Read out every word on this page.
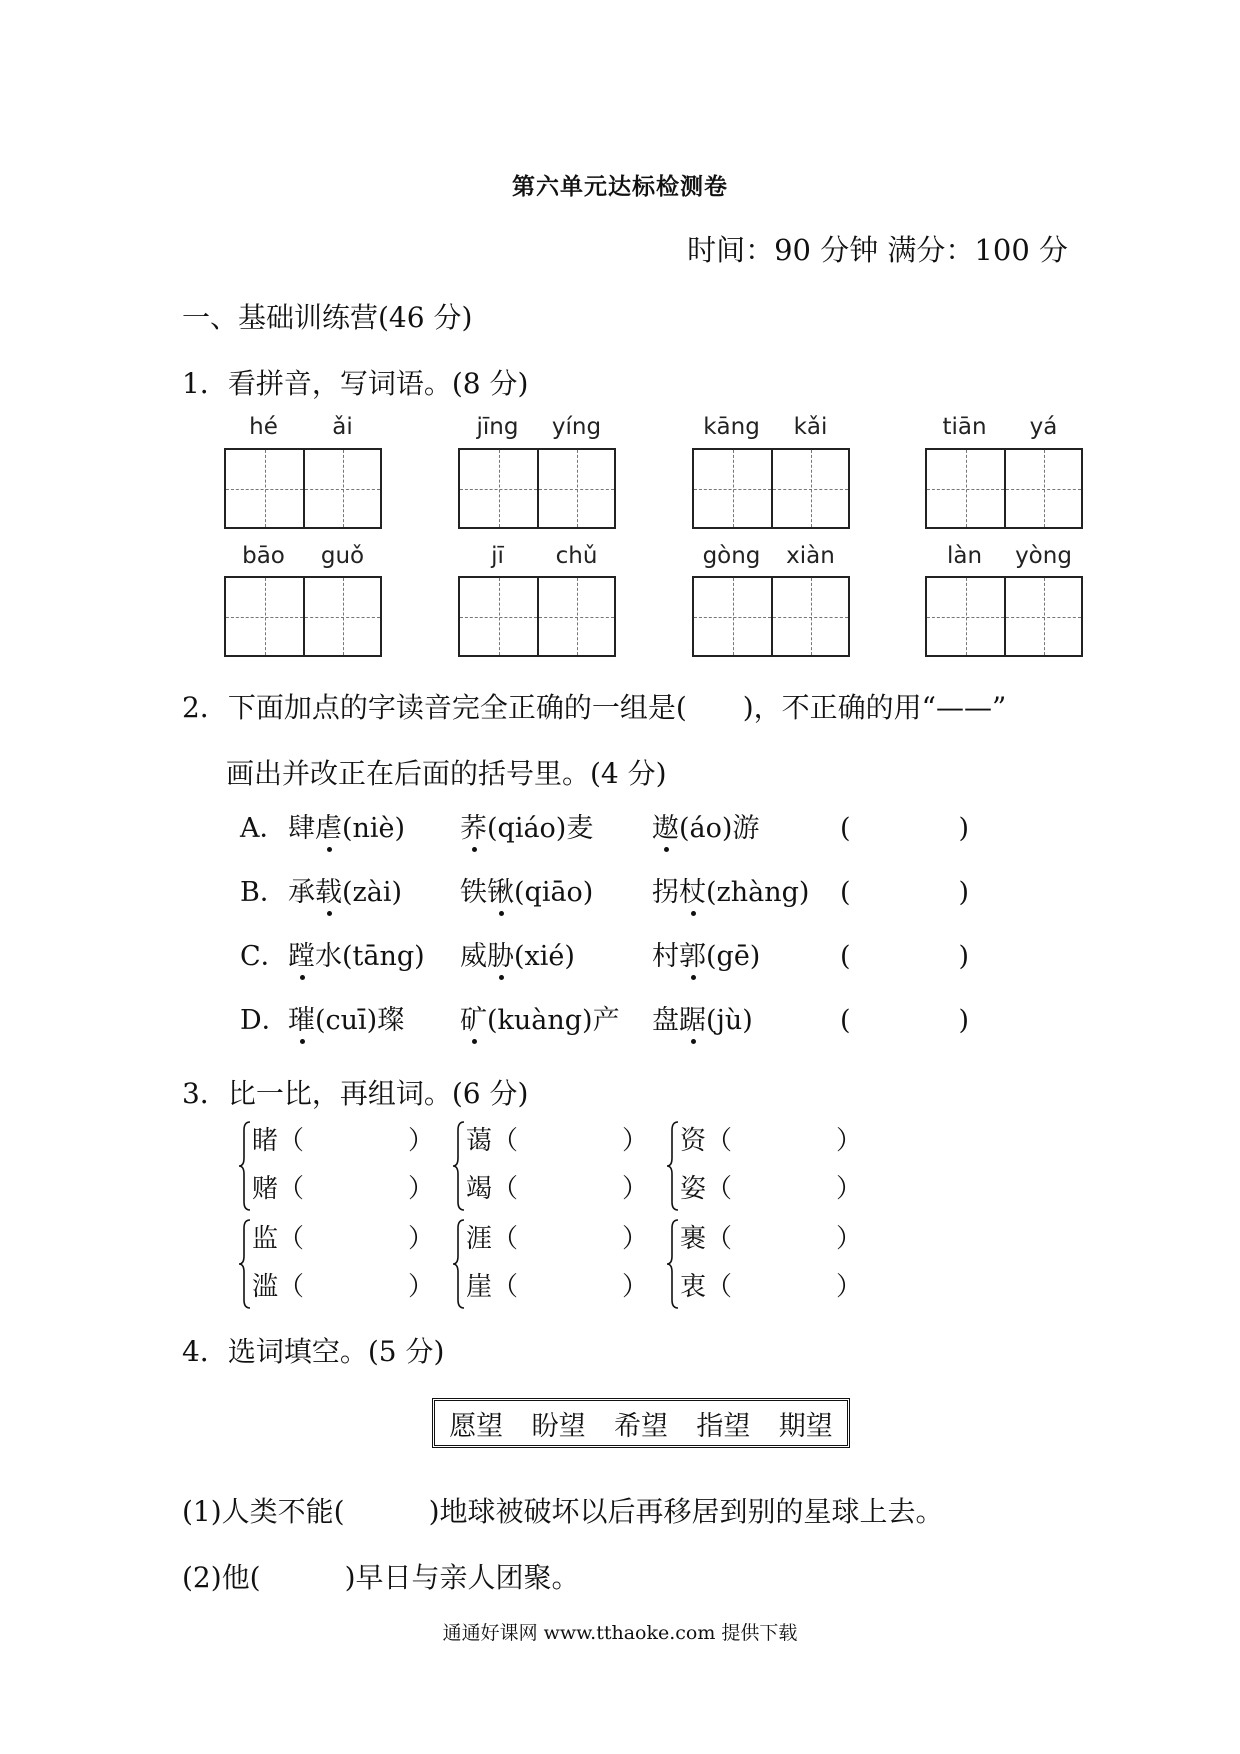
第六单元达标检测卷
时间：90 分钟 满分：100 分
一、基础训练营(46 分)
1．看拼音，写词语。(8 分)
hé	ǎi	jīng	yíng	kāng	kǎi	tiān	yá
bāo	guǒ	jī	chǔ	gòng	xiàn	làn	yòng
2．下面加点的字读音完全正确的一组是(　　)，不正确的用“——”
画出并改正在后面的括号里。(4 分)
A． 肆虐(niè) 荞(qiáo)麦 遨(áo)游	(　　　　)
B． 承载(zài) 铁锹(qiāo) 拐杖(zhàng) (　　　　)
C． 蹚水(tāng) 威胁(xié)	村郭(gē)	(　　　　)
D． 璀(cuī)璨 矿(kuàng)产 盘踞(jù)	(　　　　)
3．比一比，再组词。(6 分)
睹（　　　　）
赌（　　　　）
蔼（　　　　）
竭（　　　　）
资（　　　　）
姿（　　　　）
监（　　　　）
滥（　　　　）
涯（　　　　）
崖（　　　　）
裹（　　　　）
衷（　　　　）
4．选词填空。(5 分)
愿望 盼望 希望 指望 期望
(1)人类不能(　　　)地球被破坏以后再移居到别的星球上去。
(2)他(　　　)早日与亲人团聚。
通通好课网 www.tthaoke.com 提供下载
